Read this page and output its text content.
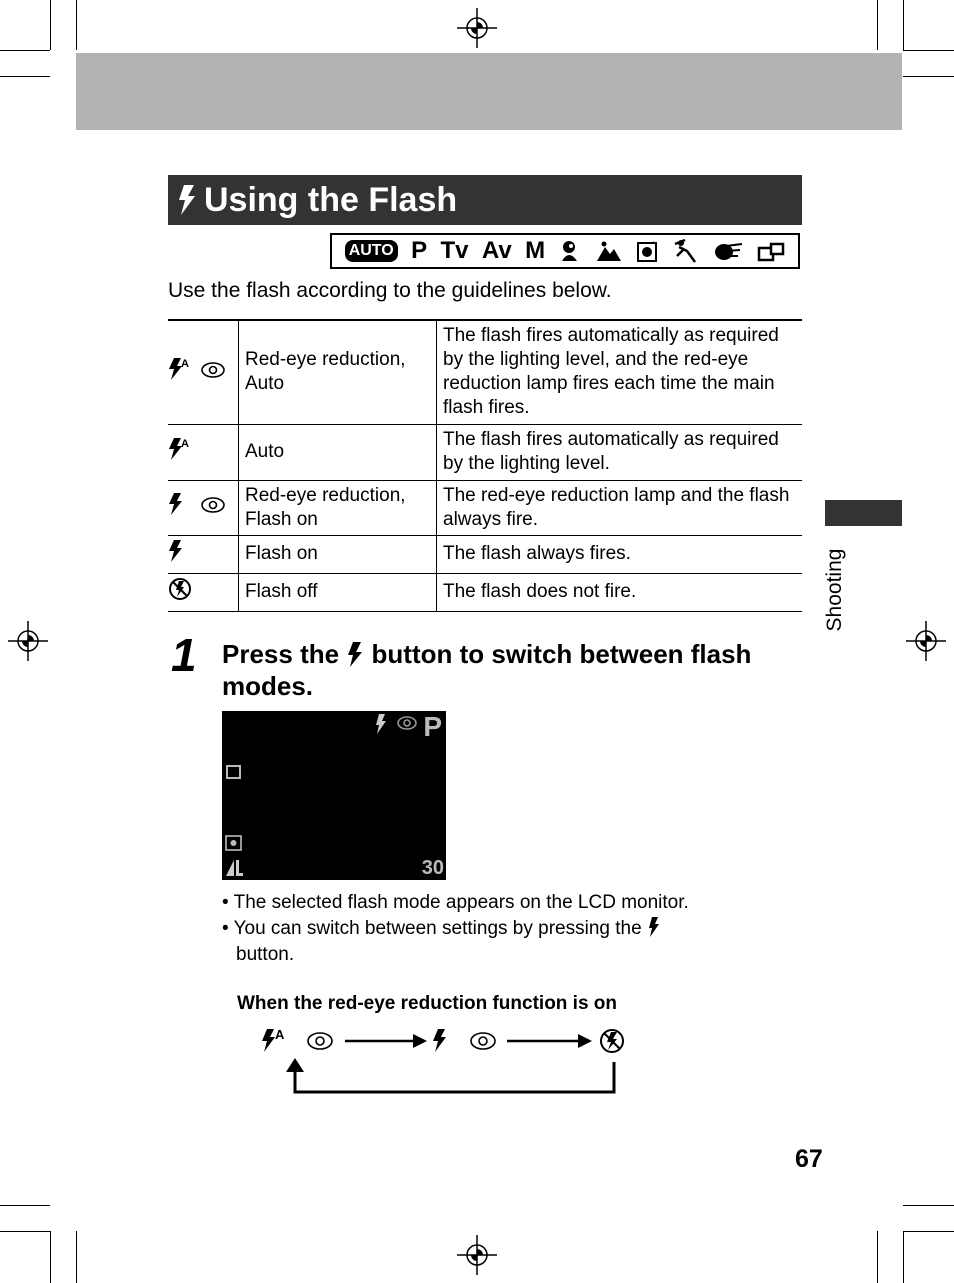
Using the Flash
AUTO P Tv Av M
Use the flash according to the guidelines below.
A	Red-eye reduction, Auto	The flash fires automatically as required by the lighting level, and the red-eye reduction lamp fires each time the main flash fires.

A	Auto	The flash fires automatically as required by the lighting level.
	Red-eye reduction, Flash on	The red-eye reduction lamp and the flash always fire.
	Flash on	The flash always fires.
	Flash off	The flash does not fire.	Shooting
1 Press the button to switch between flash modes.
P
30
• The selected flash mode appears on the LCD monitor.
• You can switch between settings by pressing the
button.
When the red-eye reduction function is on
A
67
